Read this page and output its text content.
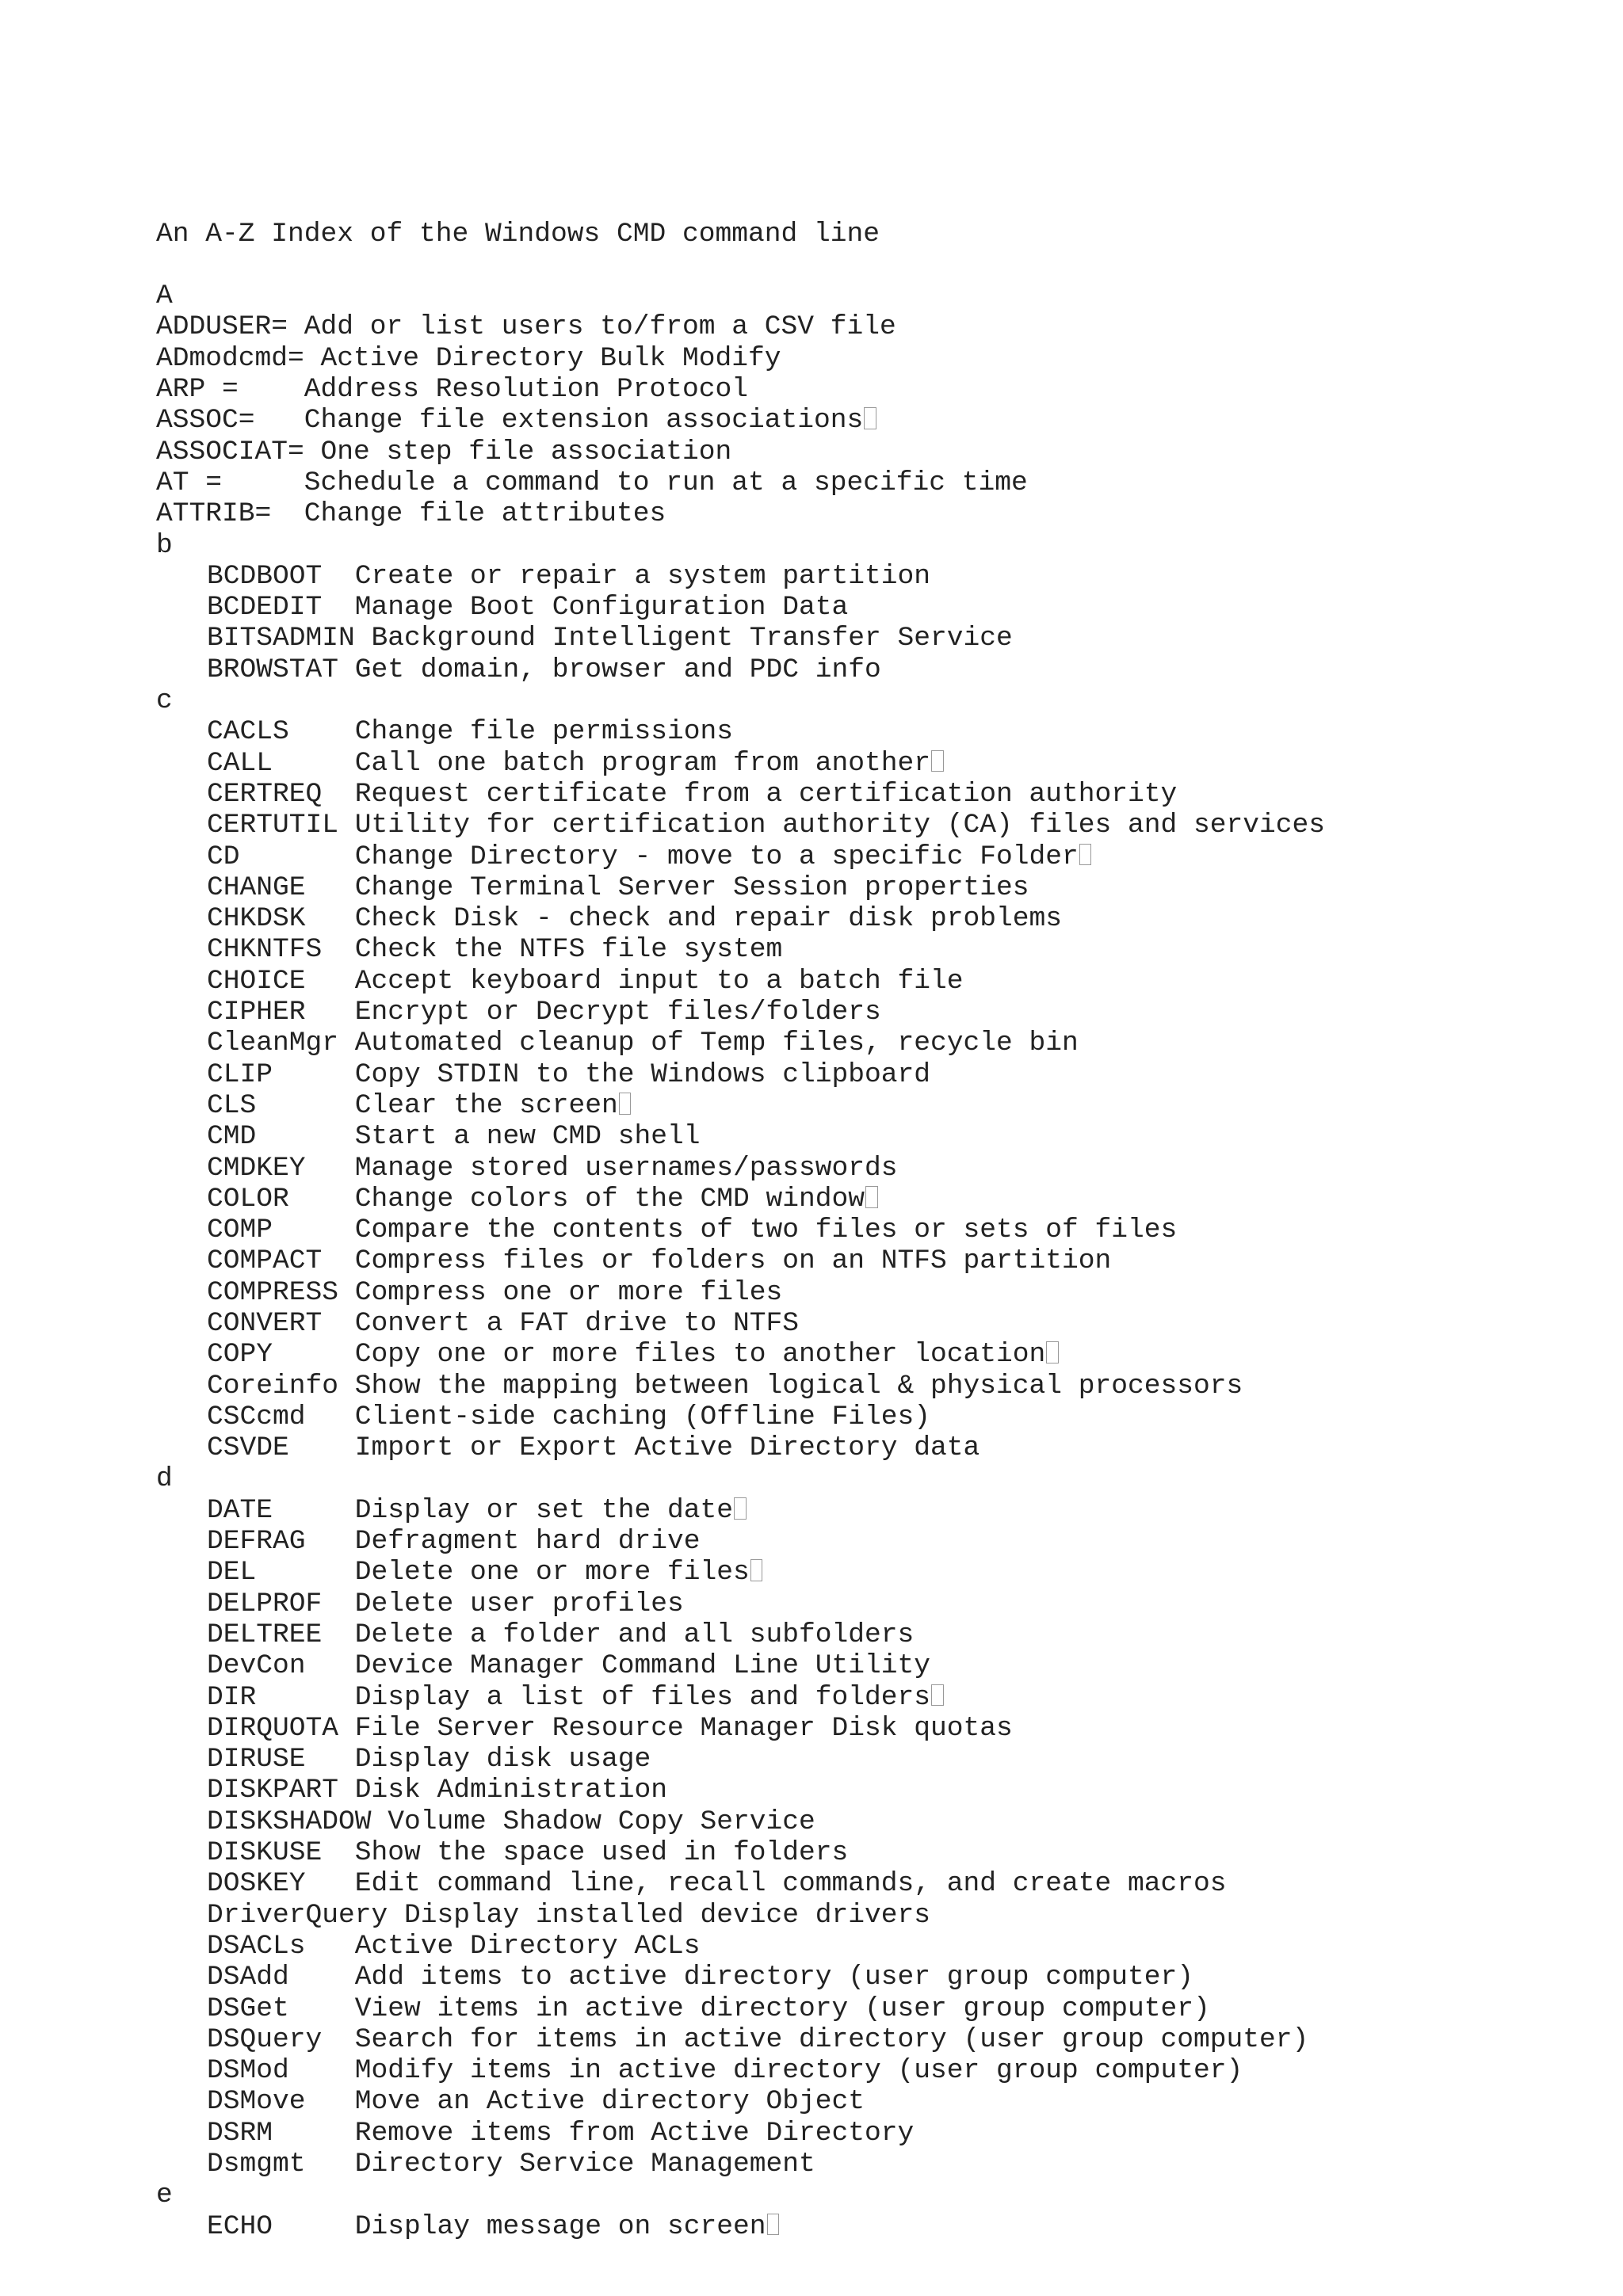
An A-Z Index of the Windows CMD command line

A
ADDUSER= Add or list users to/from a CSV file
ADmodcmd= Active Directory Bulk Modify
ARP = Address Resolution Protocol
ASSOC= Change file extension associations
ASSOCIAT= One step file association
AT =	Schedule a command to run at a specific time
ATTRIB= Change file attributes
b
BCDBOOT Create or repair a system partition
BCDEDIT Manage Boot Configuration Data
BITSADMIN Background Intelligent Transfer Service
BROWSTAT Get domain, browser and PDC info
c
CACLS Change file permissions
CALL	Call one batch program from another
CERTREQ Request certificate from a certification authority
CERTUTIL Utility for certification authority (CA) files and services
CD	Change Directory - move to a specific Folder
CHANGE Change Terminal Server Session properties
CHKDSK Check Disk - check and repair disk problems
CHKNTFS Check the NTFS file system
CHOICE Accept keyboard input to a batch file
CIPHER Encrypt or Decrypt files/folders
CleanMgr Automated cleanup of Temp files, recycle bin
CLIP	Copy STDIN to the Windows clipboard
CLS	Clear the screen
CMD	Start a new CMD shell
CMDKEY Manage stored usernames/passwords
COLOR Change colors of the CMD window
COMP	Compare the contents of two files or sets of files
COMPACT Compress files or folders on an NTFS partition
COMPRESS Compress one or more files
CONVERT Convert a FAT drive to NTFS
COPY	Copy one or more files to another location
Coreinfo Show the mapping between logical & physical processors
CSCcmd Client-side caching (Offline Files)
CSVDE Import or Export Active Directory data
d
DATE	Display or set the date
DEFRAG Defragment hard drive
DEL	Delete one or more files
DELPROF Delete user profiles
DELTREE Delete a folder and all subfolders
DevCon Device Manager Command Line Utility
DIR	Display a list of files and folders
DIRQUOTA File Server Resource Manager Disk quotas
DIRUSE Display disk usage
DISKPART Disk Administration
DISKSHADOW Volume Shadow Copy Service
DISKUSE Show the space used in folders
DOSKEY Edit command line, recall commands, and create macros
DriverQuery Display installed device drivers
DSACLs Active Directory ACLs
DSAdd Add items to active directory (user group computer)
DSGet View items in active directory (user group computer)
DSQuery Search for items in active directory (user group computer)
DSMod Modify items in active directory (user group computer)
DSMove Move an Active directory Object
DSRM	Remove items from Active Directory
Dsmgmt Directory Service Management
e
ECHO	Display message on screen
